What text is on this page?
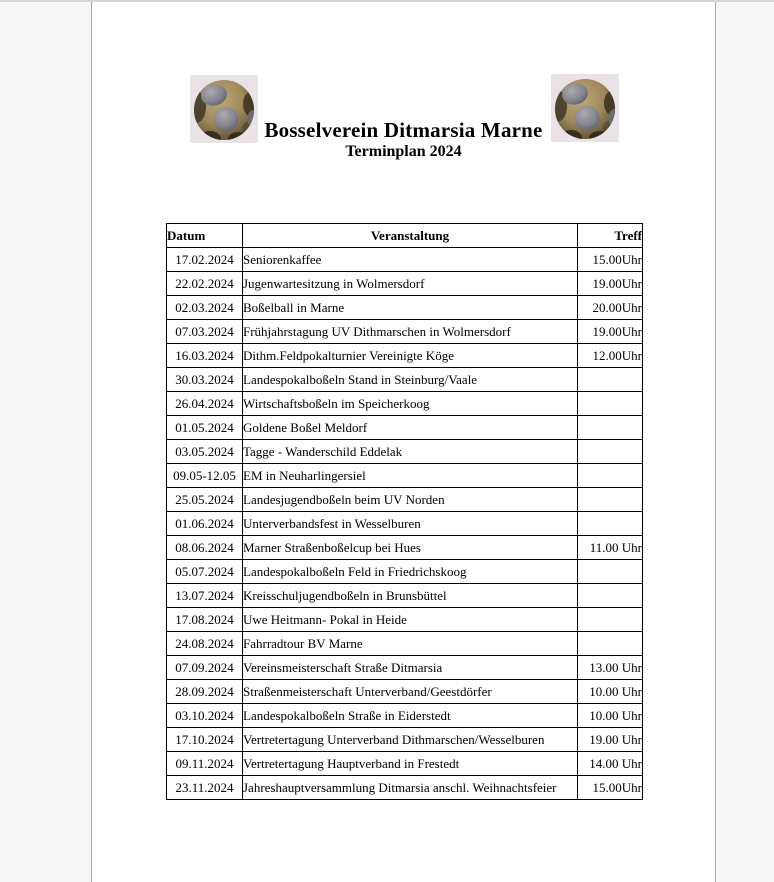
Bosselverein Ditmarsia Marne
Terminplan 2024
Datum	Veranstaltung	Treff
17.02.2024	Seniorenkaffee	15.00Uhr
22.02.2024	Jugenwartesitzung in Wolmersdorf	19.00Uhr
02.03.2024	Boßelball in Marne	20.00Uhr
07.03.2024	Frühjahrstagung UV Dithmarschen in Wolmersdorf	19.00Uhr
16.03.2024	Dithm.Feldpokalturnier Vereinigte Köge	12.00Uhr
30.03.2024	Landespokalboßeln Stand in Steinburg/Vaale	
26.04.2024	Wirtschaftsboßeln im Speicherkoog	
01.05.2024	Goldene Boßel Meldorf	
03.05.2024	Tagge - Wanderschild Eddelak	
09.05-12.05	EM in Neuharlingersiel	
25.05.2024	Landesjugendboßeln beim UV Norden	
01.06.2024	Unterverbandsfest in Wesselburen	
08.06.2024	Marner Straßenboßelcup bei Hues	11.00 Uhr
05.07.2024	Landespokalboßeln Feld in Friedrichskoog	
13.07.2024	Kreisschuljugendboßeln in Brunsbüttel	
17.08.2024	Uwe Heitmann- Pokal in Heide	
24.08.2024	Fahrradtour BV Marne	
07.09.2024	Vereinsmeisterschaft Straße Ditmarsia	13.00 Uhr
28.09.2024	Straßenmeisterschaft Unterverband/Geestdörfer	10.00 Uhr
03.10.2024	Landespokalboßeln Straße in Eiderstedt	10.00 Uhr
17.10.2024	Vertretertagung Unterverband Dithmarschen/Wesselburen	19.00 Uhr
09.11.2024	Vertretertagung Hauptverband in Frestedt	14.00 Uhr
23.11.2024	Jahreshauptversammlung Ditmarsia anschl. Weihnachtsfeier	15.00Uhr
